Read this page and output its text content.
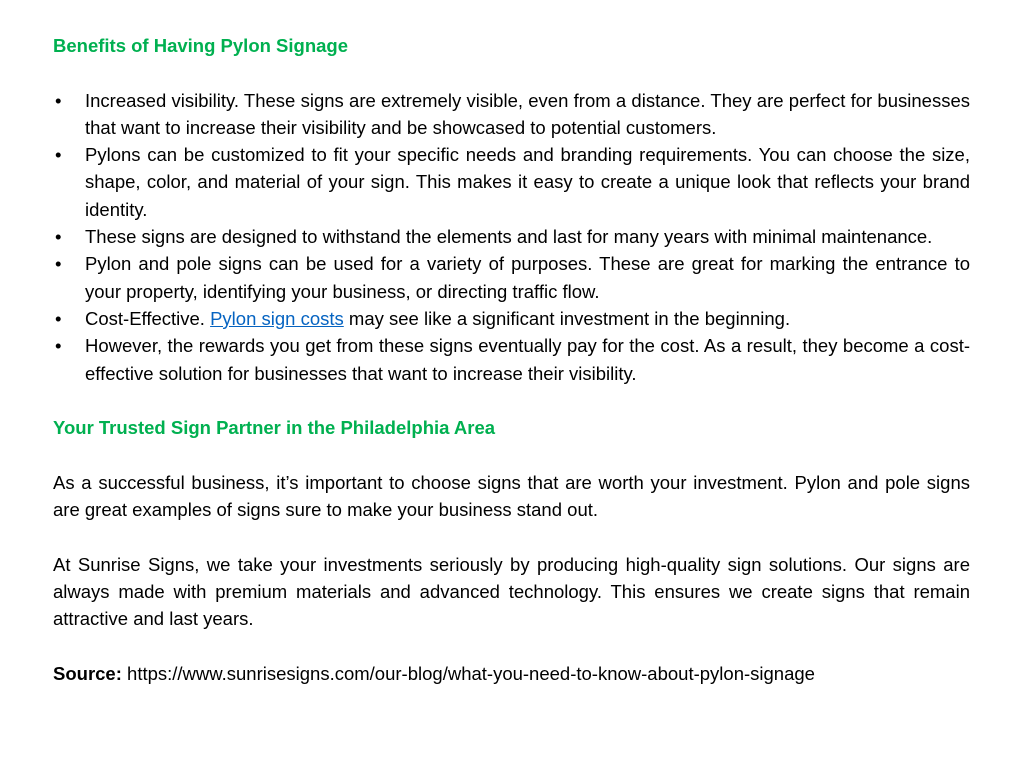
Benefits of Having Pylon Signage

• Increased visibility. These signs are extremely visible, even from a distance. They are perfect for businesses that want to increase their visibility and be showcased to potential customers.
• Pylons can be customized to fit your specific needs and branding requirements. You can choose the size, shape, color, and material of your sign. This makes it easy to create a unique look that reflects your brand identity.
• These signs are designed to withstand the elements and last for many years with minimal maintenance.
• Pylon and pole signs can be used for a variety of purposes. These are great for marking the entrance to your property, identifying your business, or directing traffic flow.
• Cost-Effective. Pylon sign costs may see like a significant investment in the beginning.
• However, the rewards you get from these signs eventually pay for the cost. As a result, they become a cost-effective solution for businesses that want to increase their visibility.

Your Trusted Sign Partner in the Philadelphia Area

As a successful business, it’s important to choose signs that are worth your investment. Pylon and pole signs are great examples of signs sure to make your business stand out.

At Sunrise Signs, we take your investments seriously by producing high-quality sign solutions. Our signs are always made with premium materials and advanced technology. This ensures we create signs that remain attractive and last years.

Source: https://www.sunrisesigns.com/our-blog/what-you-need-to-know-about-pylon-signage
